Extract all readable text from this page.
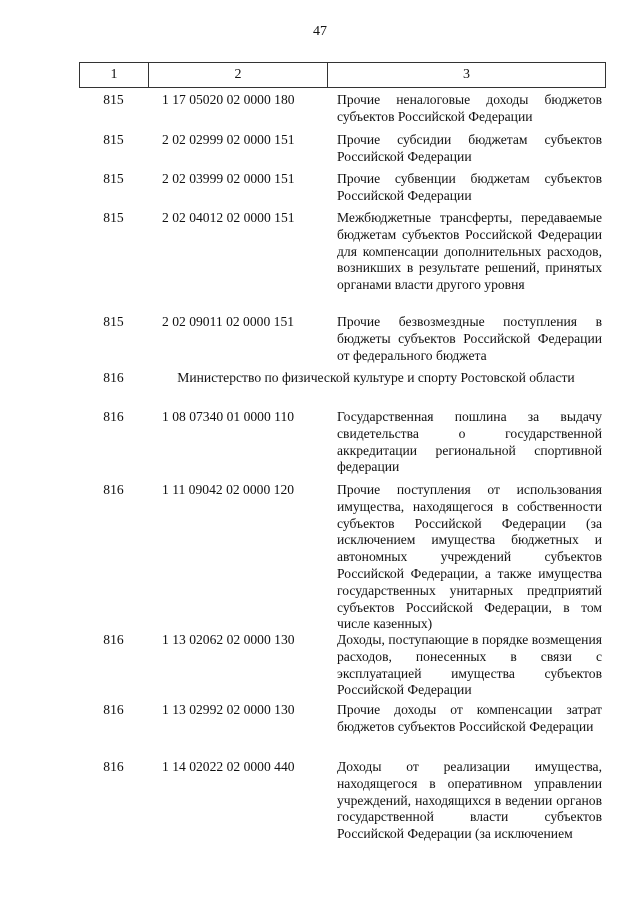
47
1	2	3
815	1 17 05020 02 0000 180	Прочие неналоговые доходы бюджетов субъектов Российской Федерации
815	2 02 02999 02 0000 151	Прочие субсидии бюджетам субъектов Российской Федерации
815	2 02 03999 02 0000 151	Прочие субвенции бюджетам субъектов Российской Федерации
815	2 02 04012 02 0000 151	Межбюджетные трансферты, передаваемые бюджетам субъектов Российской Федерации для компенсации дополнительных расходов, возникших в результате решений, принятых органами власти другого уровня
815	2 02 09011 02 0000 151	Прочие безвозмездные поступления в бюджеты субъектов Российской Федерации от федерального бюджета
816	Министерство по физической культуре и спорту Ростовской области
816	1 08 07340 01 0000 110	Государственная пошлина за выдачу свидетельства о государственной аккредитации региональной спортивной федерации
816	1 11 09042 02 0000 120	Прочие поступления от использования имущества, находящегося в собственности субъектов Российской Федерации (за исключением имущества бюджетных и автономных учреждений субъектов Российской Федерации, а также имущества государственных унитарных предприятий субъектов Российской Федерации, в том числе казенных)
816	1 13 02062 02 0000 130	Доходы, поступающие в порядке возмещения расходов, понесенных в связи с эксплуатацией имущества субъектов Российской Федерации
816	1 13 02992 02 0000 130	Прочие доходы от компенсации затрат бюджетов субъектов Российской Федерации
816	1 14 02022 02 0000 440	Доходы от реализации имущества, находящегося в оперативном управлении учреждений, находящихся в ведении органов государственной власти субъектов Российской Федерации (за исключением
